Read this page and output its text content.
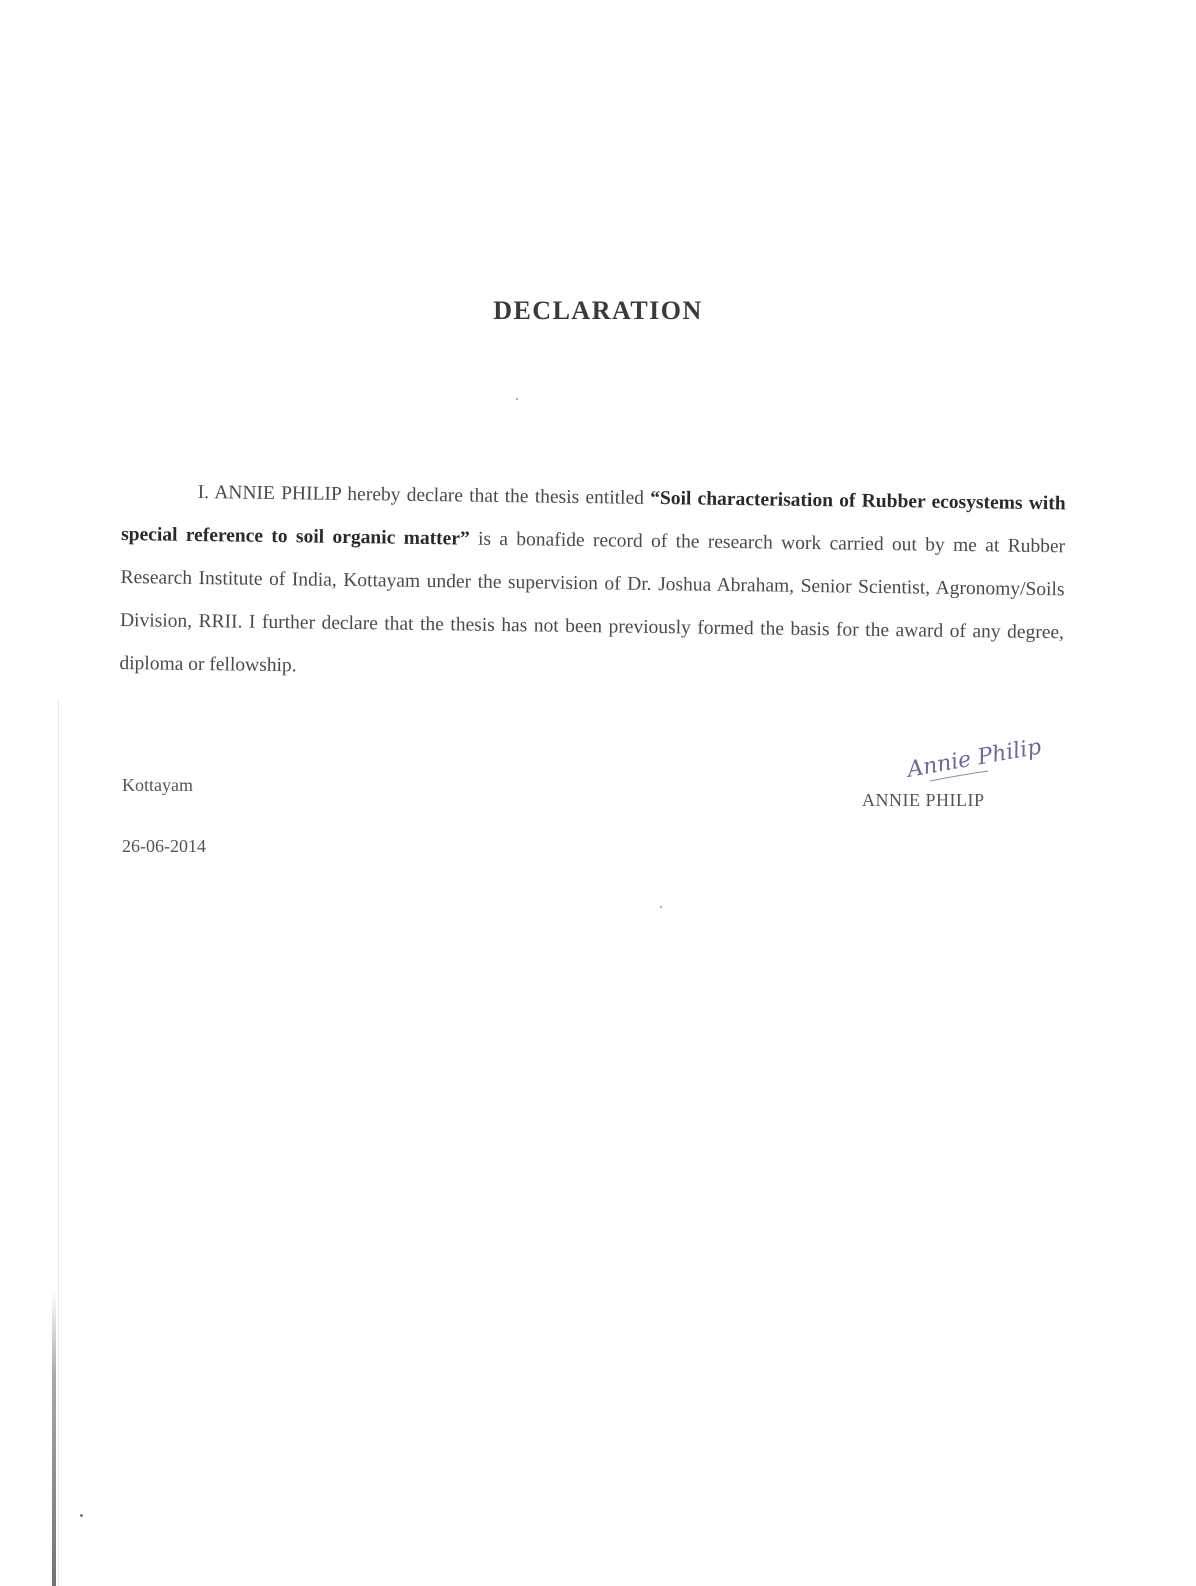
DECLARATION
I. ANNIE PHILIP hereby declare that the thesis entitled “Soil characterisation of Rubber ecosystems with special reference to soil organic matter” is a bonafide record of the research work carried out by me at Rubber Research Institute of India, Kottayam under the supervision of Dr. Joshua Abraham, Senior Scientist, Agronomy/Soils Division, RRII. I further declare that the thesis has not been previously formed the basis for the award of any degree, diploma or fellowship.
Kottayam
26-06-2014
Annie Philip
ANNIE PHILIP
